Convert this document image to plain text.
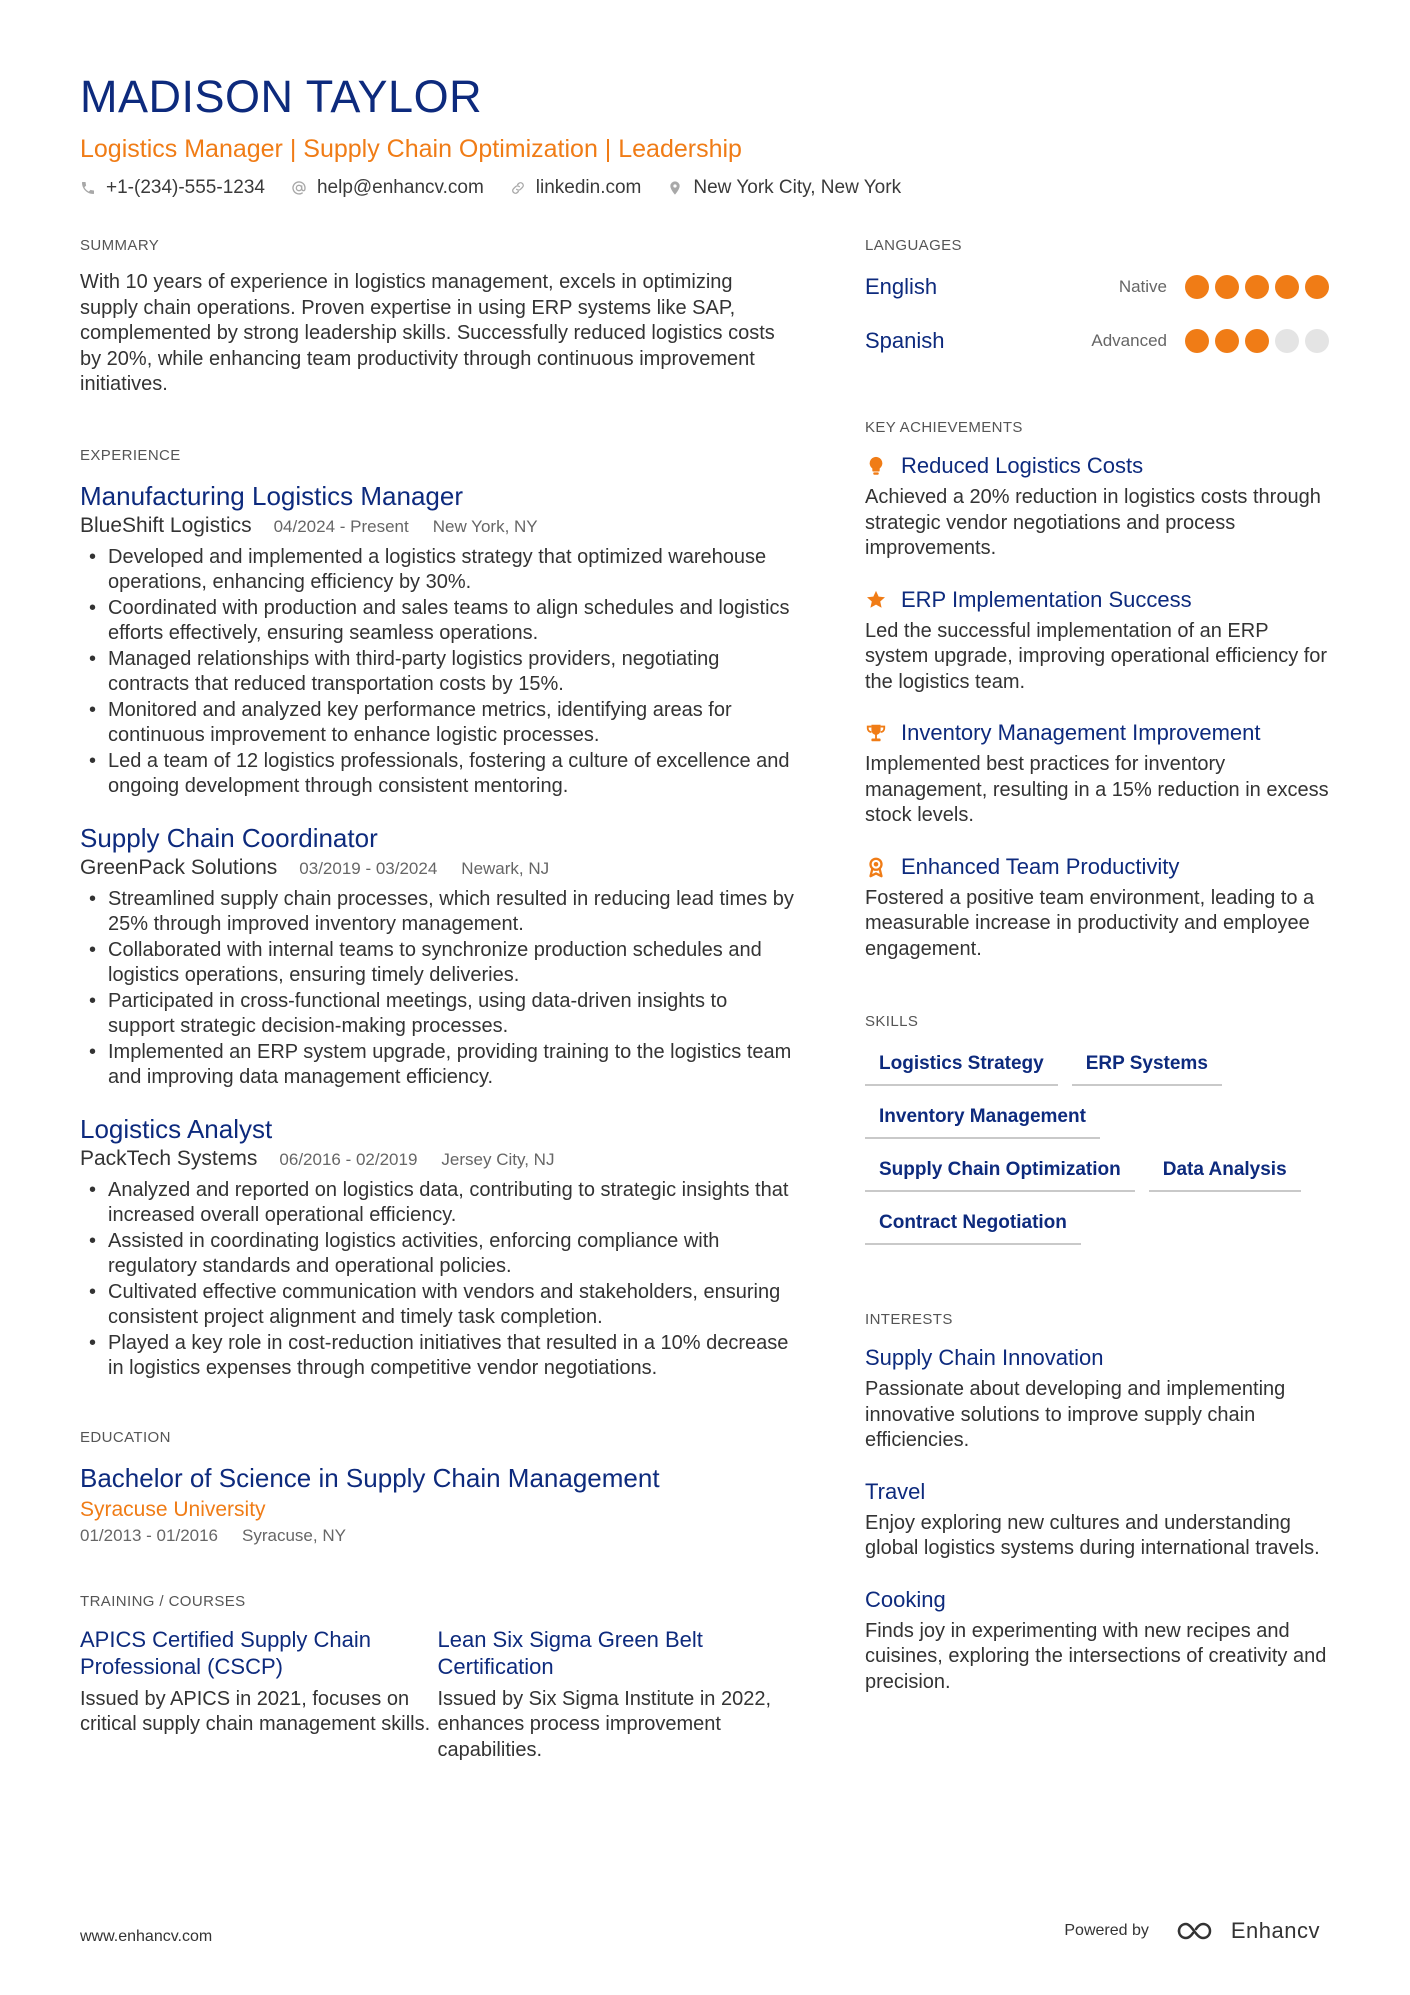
MADISON TAYLOR
Logistics Manager | Supply Chain Optimization | Leadership
+1-(234)-555-1234	help@enhancv.com	linkedin.com	New York City, New York
SUMMARY
With 10 years of experience in logistics management, excels in optimizing supply chain operations. Proven expertise in using ERP systems like SAP, complemented by strong leadership skills. Successfully reduced logistics costs by 20%, while enhancing team productivity through continuous improvement initiatives.
EXPERIENCE
Manufacturing Logistics Manager
BlueShift Logistics 04/2024 - Present New York, NY
• Developed and implemented a logistics strategy that optimized warehouse operations, enhancing efficiency by 30%.
• Coordinated with production and sales teams to align schedules and logistics efforts effectively, ensuring seamless operations.
• Managed relationships with third-party logistics providers, negotiating contracts that reduced transportation costs by 15%.
• Monitored and analyzed key performance metrics, identifying areas for continuous improvement to enhance logistic processes.
• Led a team of 12 logistics professionals, fostering a culture of excellence and ongoing development through consistent mentoring.
Supply Chain Coordinator
GreenPack Solutions 03/2019 - 03/2024 Newark, NJ
• Streamlined supply chain processes, which resulted in reducing lead times by 25% through improved inventory management.
• Collaborated with internal teams to synchronize production schedules and logistics operations, ensuring timely deliveries.
• Participated in cross-functional meetings, using data-driven insights to support strategic decision-making processes.
• Implemented an ERP system upgrade, providing training to the logistics team and improving data management efficiency.
Logistics Analyst
PackTech Systems 06/2016 - 02/2019 Jersey City, NJ
• Analyzed and reported on logistics data, contributing to strategic insights that increased overall operational efficiency.
• Assisted in coordinating logistics activities, enforcing compliance with regulatory standards and operational policies.
• Cultivated effective communication with vendors and stakeholders, ensuring consistent project alignment and timely task completion.
• Played a key role in cost-reduction initiatives that resulted in a 10% decrease in logistics expenses through competitive vendor negotiations.
EDUCATION
Bachelor of Science in Supply Chain Management
Syracuse University
01/2013 - 01/2016 Syracuse, NY
TRAINING / COURSES
APICS Certified Supply Chain Professional (CSCP)
Issued by APICS in 2021, focuses on critical supply chain management skills.
Lean Six Sigma Green Belt Certification
Issued by Six Sigma Institute in 2022, enhances process improvement capabilities.
LANGUAGES
English	Native
Spanish	Advanced
KEY ACHIEVEMENTS
Reduced Logistics Costs
Achieved a 20% reduction in logistics costs through strategic vendor negotiations and process improvements.
ERP Implementation Success
Led the successful implementation of an ERP system upgrade, improving operational efficiency for the logistics team.
Inventory Management Improvement
Implemented best practices for inventory management, resulting in a 15% reduction in excess stock levels.
Enhanced Team Productivity
Fostered a positive team environment, leading to a measurable increase in productivity and employee engagement.
SKILLS
Logistics Strategy	ERP Systems
Inventory Management
Supply Chain Optimization	Data Analysis
Contract Negotiation
INTERESTS
Supply Chain Innovation
Passionate about developing and implementing innovative solutions to improve supply chain efficiencies.
Travel
Enjoy exploring new cultures and understanding global logistics systems during international travels.
Cooking
Finds joy in experimenting with new recipes and cuisines, exploring the intersections of creativity and precision.
www.enhancv.com	Powered by	Enhancv
